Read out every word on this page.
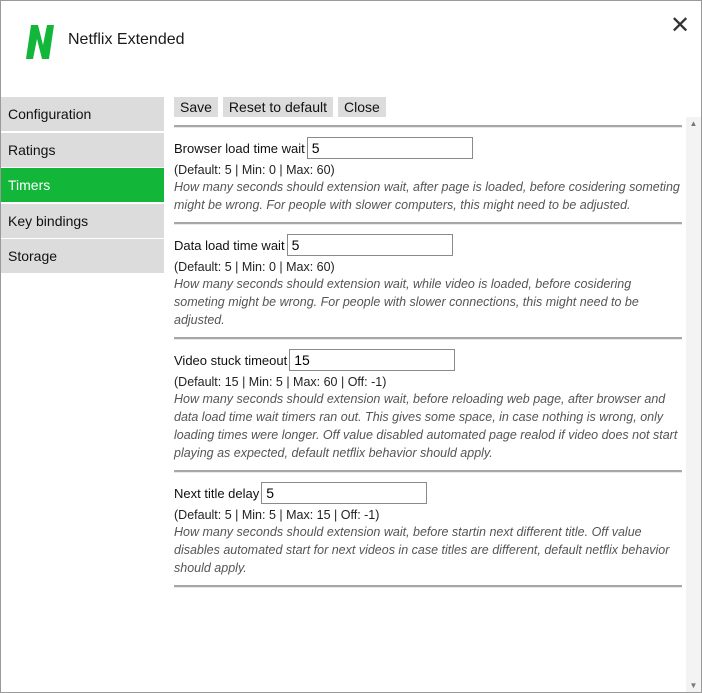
Netflix Extended
✕
Configuration
Ratings
Timers
Key bindings
Storage
Save	Reset to default	Close
Browser load time wait
5
(Default: 5 | Min: 0 | Max: 60)
How many seconds should extension wait, after page is loaded, before cosidering someting might be wrong. For people with slower computers, this might need to be adjusted.
Data load time wait
5
(Default: 5 | Min: 0 | Max: 60)
How many seconds should extension wait, while video is loaded, before cosidering someting might be wrong. For people with slower connections, this might need to be adjusted.
Video stuck timeout
15
(Default: 15 | Min: 5 | Max: 60 | Off: -1)
How many seconds should extension wait, before reloading web page, after browser and data load time wait timers ran out. This gives some space, in case nothing is wrong, only loading times were longer. Off value disabled automated page realod if video does not start playing as expected, default netflix behavior should apply.
Next title delay
5
(Default: 5 | Min: 5 | Max: 15 | Off: -1)
How many seconds should extension wait, before startin next different title. Off value disables automated start for next videos in case titles are different, default netflix behavior should apply.
▲
▼
